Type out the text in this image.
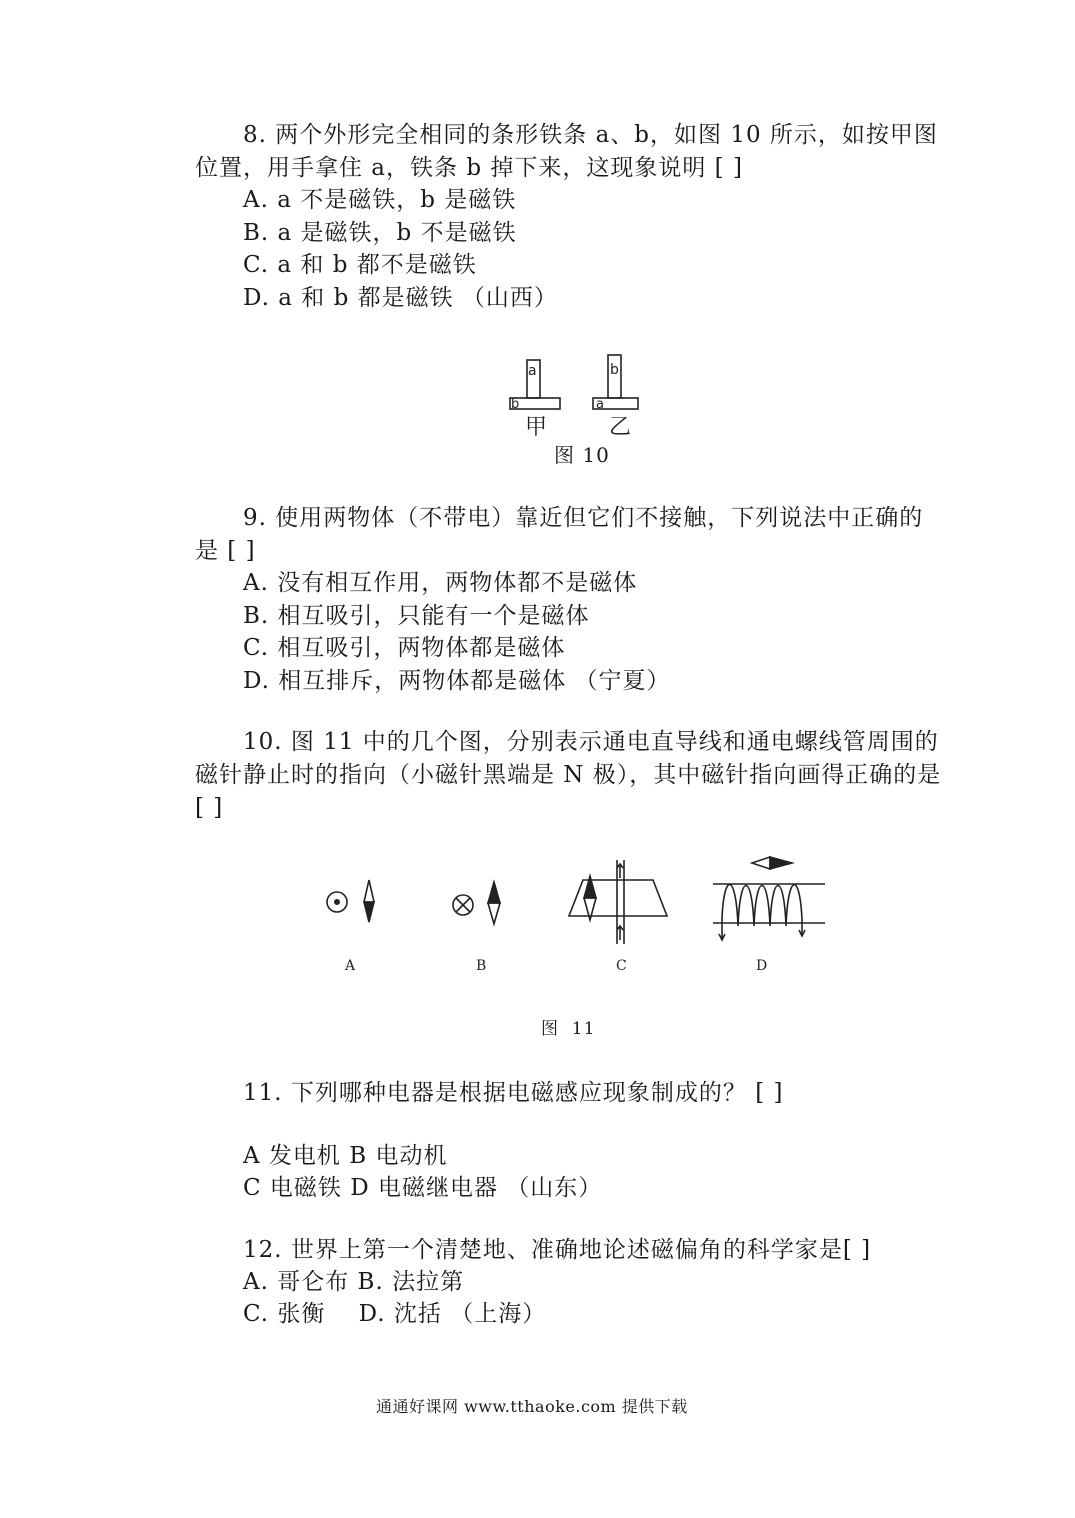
8. 两个外形完全相同的条形铁条 a、b，如图 10 所示，如按甲图
位置，用手拿住 a，铁条 b 掉下来，这现象说明 [ ]
A. a 不是磁铁，b 是磁铁
B. a 是磁铁，b 不是磁铁
C. a 和 b 都不是磁铁
D. a 和 b 都是磁铁 （山西）
a
b
b
a
甲	乙
图 10
9. 使用两物体（不带电）靠近但它们不接触，下列说法中正确的
是 [ ]
A. 没有相互作用，两物体都不是磁体
B. 相互吸引，只能有一个是磁体
C. 相互吸引，两物体都是磁体
D. 相互排斥，两物体都是磁体 （宁夏）
10. 图 11 中的几个图，分别表示通电直导线和通电螺线管周围的
磁针静止时的指向（小磁针黑端是 N 极），其中磁针指向画得正确的是
[ ]
A	B	C	D
图  11
11. 下列哪种电器是根据电磁感应现象制成的？ [ ]
A 发电机 B 电动机
C 电磁铁 D 电磁继电器 （山东）
12. 世界上第一个清楚地、准确地论述磁偏角的科学家是[ ]
A. 哥仑布 B. 法拉第
C. 张衡    D. 沈括 （上海）
通通好课网 www.tthaoke.com 提供下载
